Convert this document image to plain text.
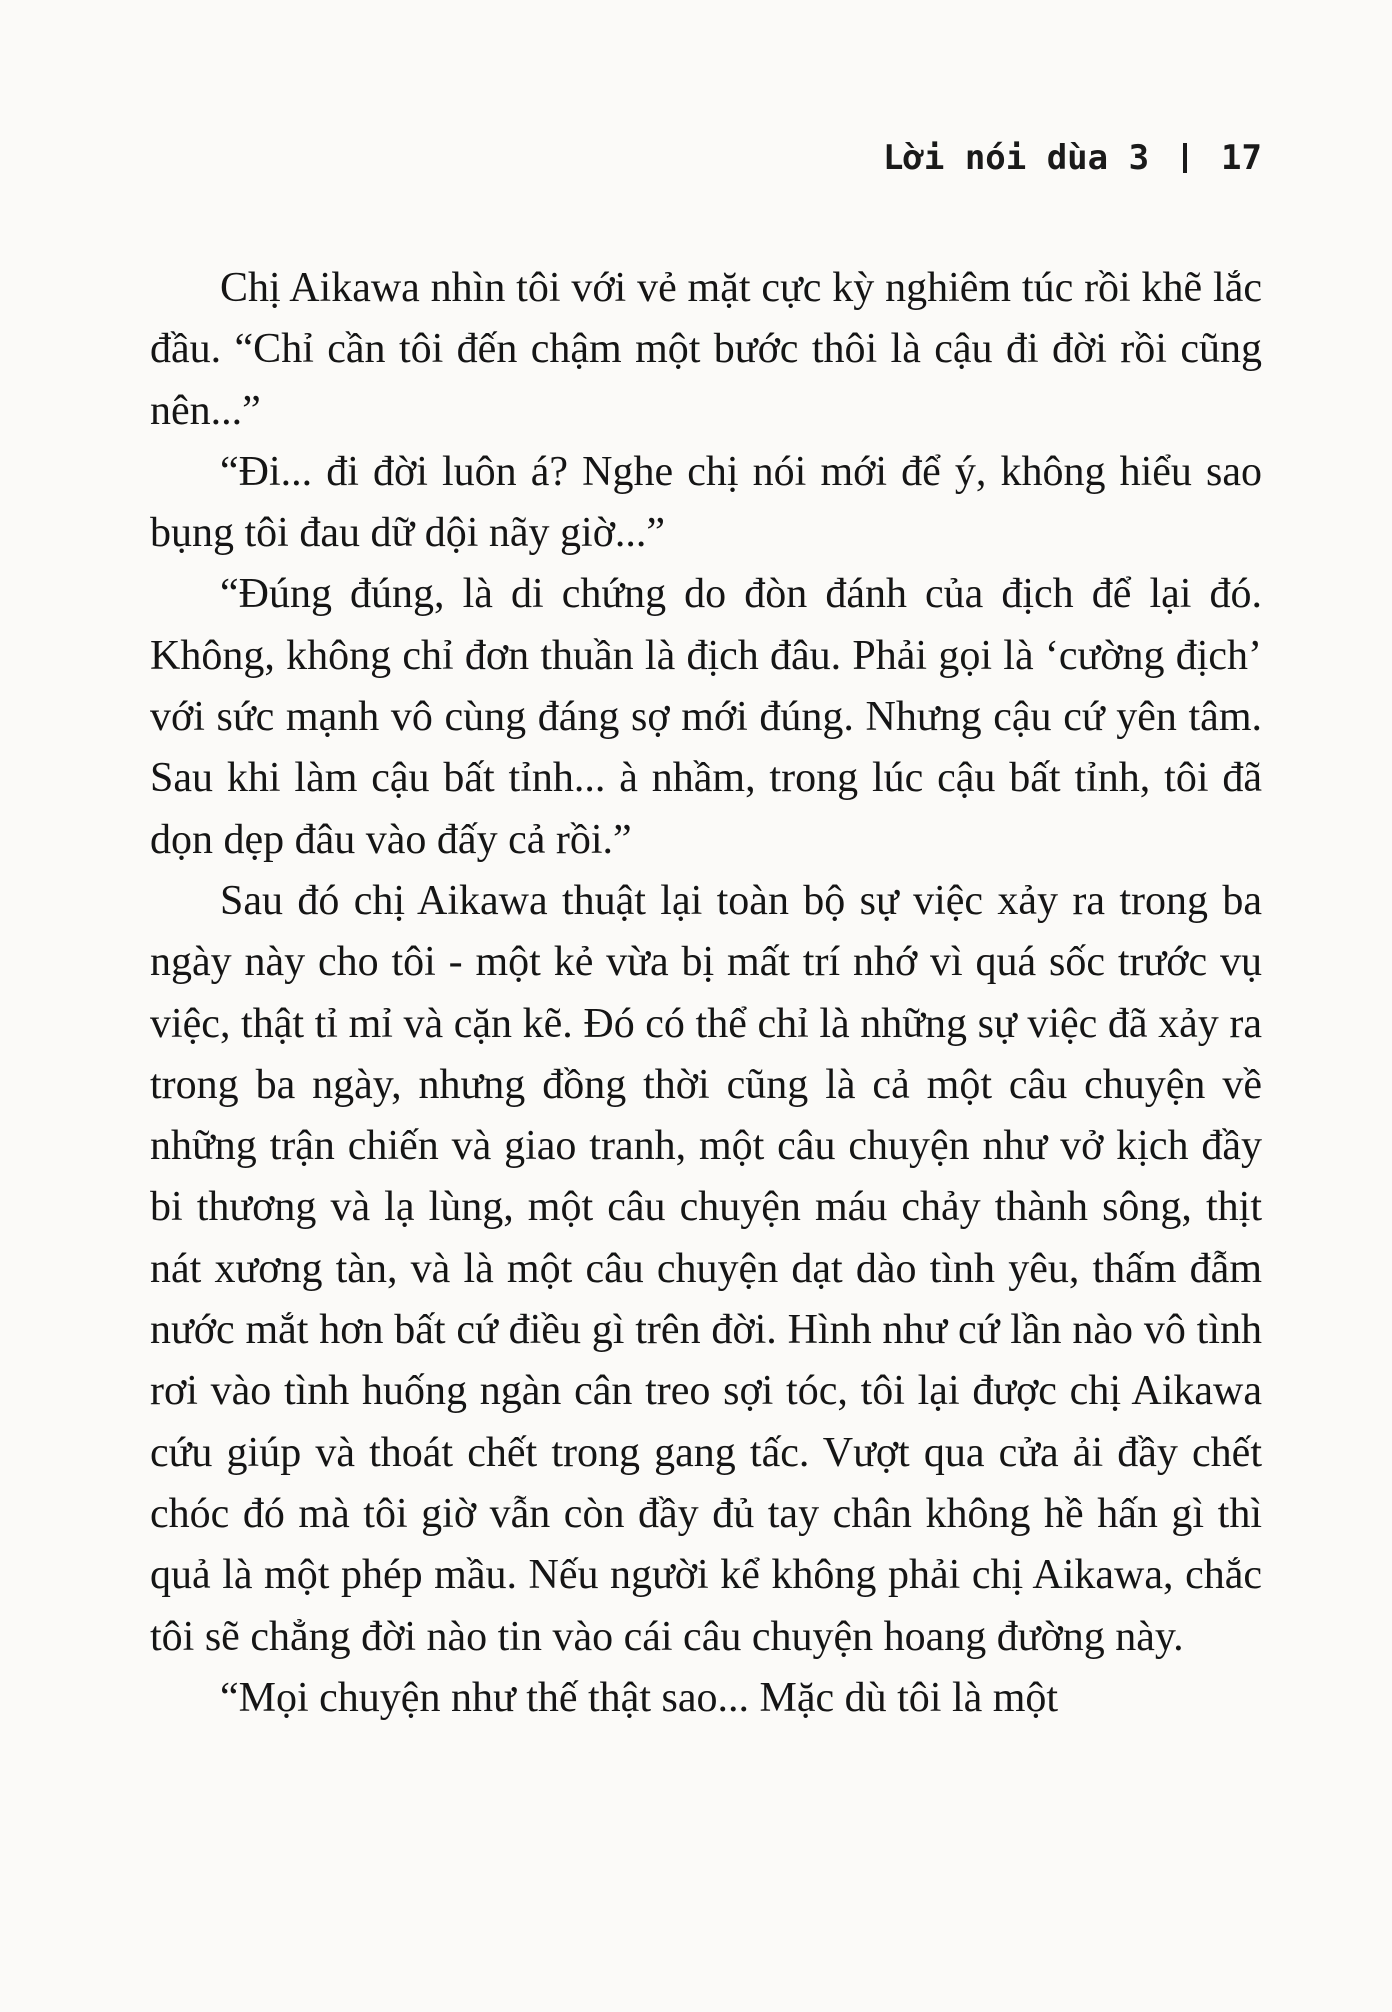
Lời nói dùa 3 17

Chị Aikawa nhìn tôi với vẻ mặt cực kỳ nghiêm túc rồi khẽ lắc đầu. “Chỉ cần tôi đến chậm một bước thôi là cậu đi đời rồi cũng nên...”

“Đi... đi đời luôn á? Nghe chị nói mới để ý, không hiểu sao bụng tôi đau dữ dội nãy giờ...”

“Đúng đúng, là di chứng do đòn đánh của địch để lại đó. Không, không chỉ đơn thuần là địch đâu. Phải gọi là ‘cường địch’ với sức mạnh vô cùng đáng sợ mới đúng. Nhưng cậu cứ yên tâm. Sau khi làm cậu bất tỉnh... à nhầm, trong lúc cậu bất tỉnh, tôi đã dọn dẹp đâu vào đấy cả rồi.”

Sau đó chị Aikawa thuật lại toàn bộ sự việc xảy ra trong ba ngày này cho tôi - một kẻ vừa bị mất trí nhớ vì quá sốc trước vụ việc, thật tỉ mỉ và cặn kẽ. Đó có thể chỉ là những sự việc đã xảy ra trong ba ngày, nhưng đồng thời cũng là cả một câu chuyện về những trận chiến và giao tranh, một câu chuyện như vở kịch đầy bi thương và lạ lùng, một câu chuyện máu chảy thành sông, thịt nát xương tàn, và là một câu chuyện dạt dào tình yêu, thấm đẫm nước mắt hơn bất cứ điều gì trên đời. Hình như cứ lần nào vô tình rơi vào tình huống ngàn cân treo sợi tóc, tôi lại được chị Aikawa cứu giúp và thoát chết trong gang tấc. Vượt qua cửa ải đầy chết chóc đó mà tôi giờ vẫn còn đầy đủ tay chân không hề hấn gì thì quả là một phép mầu. Nếu người kể không phải chị Aikawa, chắc tôi sẽ chẳng đời nào tin vào cái câu chuyện hoang đường này.

“Mọi chuyện như thế thật sao... Mặc dù tôi là một
